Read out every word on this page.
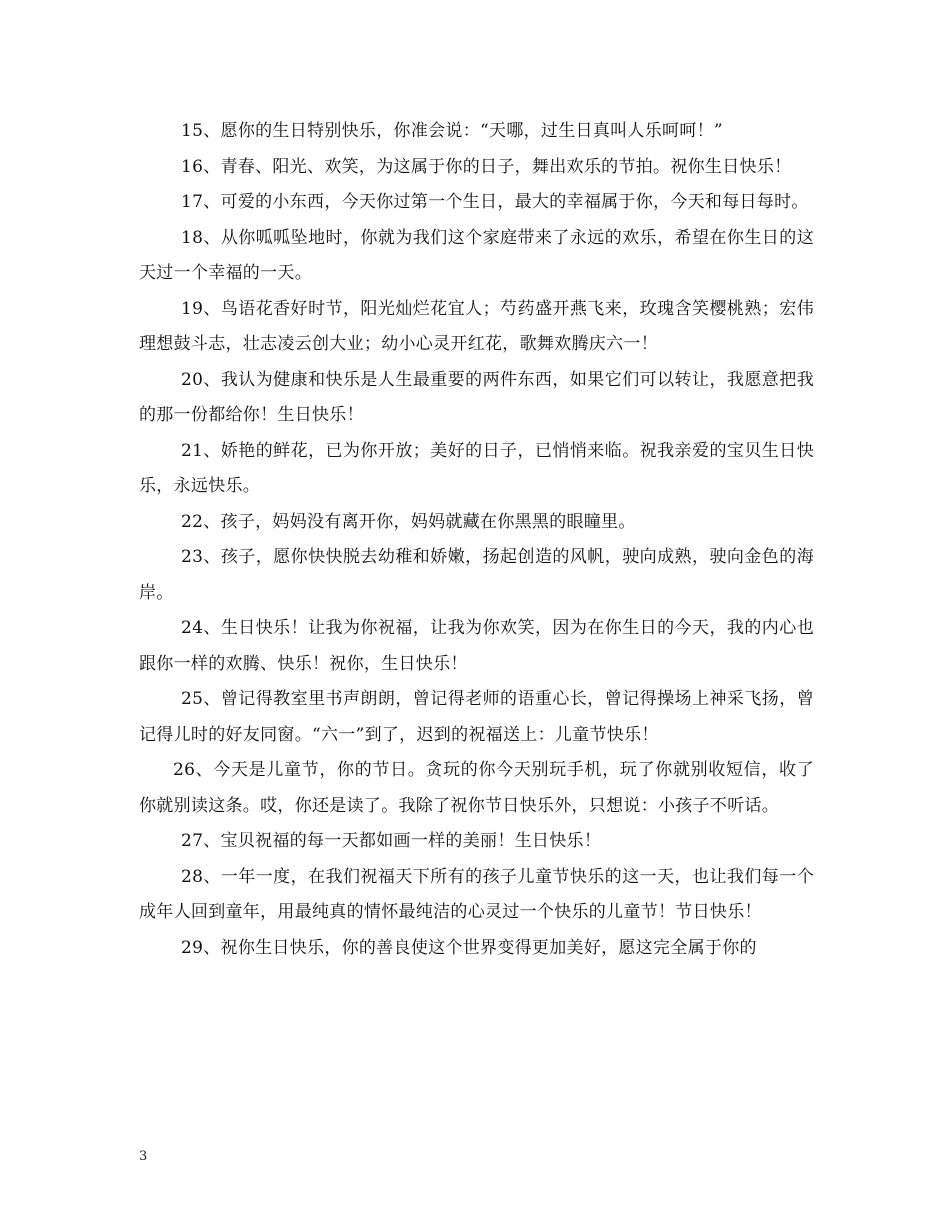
15、愿你的生日特别快乐，你准会说：“天哪，过生日真叫人乐呵呵！”

16、青春、阳光、欢笑，为这属于你的日子，舞出欢乐的节拍。祝你生日快乐！

17、可爱的小东西，今天你过第一个生日，最大的幸福属于你，今天和每日每时。

18、从你呱呱坠地时，你就为我们这个家庭带来了永远的欢乐，希望在你生日的这天过一个幸福的一天。

19、鸟语花香好时节，阳光灿烂花宜人；芍药盛开燕飞来，玫瑰含笑樱桃熟；宏伟理想鼓斗志，壮志凌云创大业；幼小心灵开红花，歌舞欢腾庆六一！

20、我认为健康和快乐是人生最重要的两件东西，如果它们可以转让，我愿意把我的那一份都给你！生日快乐！

21、娇艳的鲜花，已为你开放；美好的日子，已悄悄来临。祝我亲爱的宝贝生日快乐，永远快乐。

22、孩子，妈妈没有离开你，妈妈就藏在你黑黑的眼瞳里。

23、孩子，愿你快快脱去幼稚和娇嫩，扬起创造的风帆，驶向成熟，驶向金色的海岸。

24、生日快乐！让我为你祝福，让我为你欢笑，因为在你生日的今天，我的内心也跟你一样的欢腾、快乐！祝你，生日快乐！

25、曾记得教室里书声朗朗，曾记得老师的语重心长，曾记得操场上神采飞扬，曾记得儿时的好友同窗。“六一”到了，迟到的祝福送上：儿童节快乐！

26、今天是儿童节，你的节日。贪玩的你今天别玩手机，玩了你就别收短信，收了你就别读这条。哎，你还是读了。我除了祝你节日快乐外，只想说：小孩子不听话。

27、宝贝祝福的每一天都如画一样的美丽！生日快乐！

28、一年一度，在我们祝福天下所有的孩子儿童节快乐的这一天，也让我们每一个成年人回到童年，用最纯真的情怀最纯洁的心灵过一个快乐的儿童节！节日快乐！

29、祝你生日快乐，你的善良使这个世界变得更加美好，愿这完全属于你的

3
